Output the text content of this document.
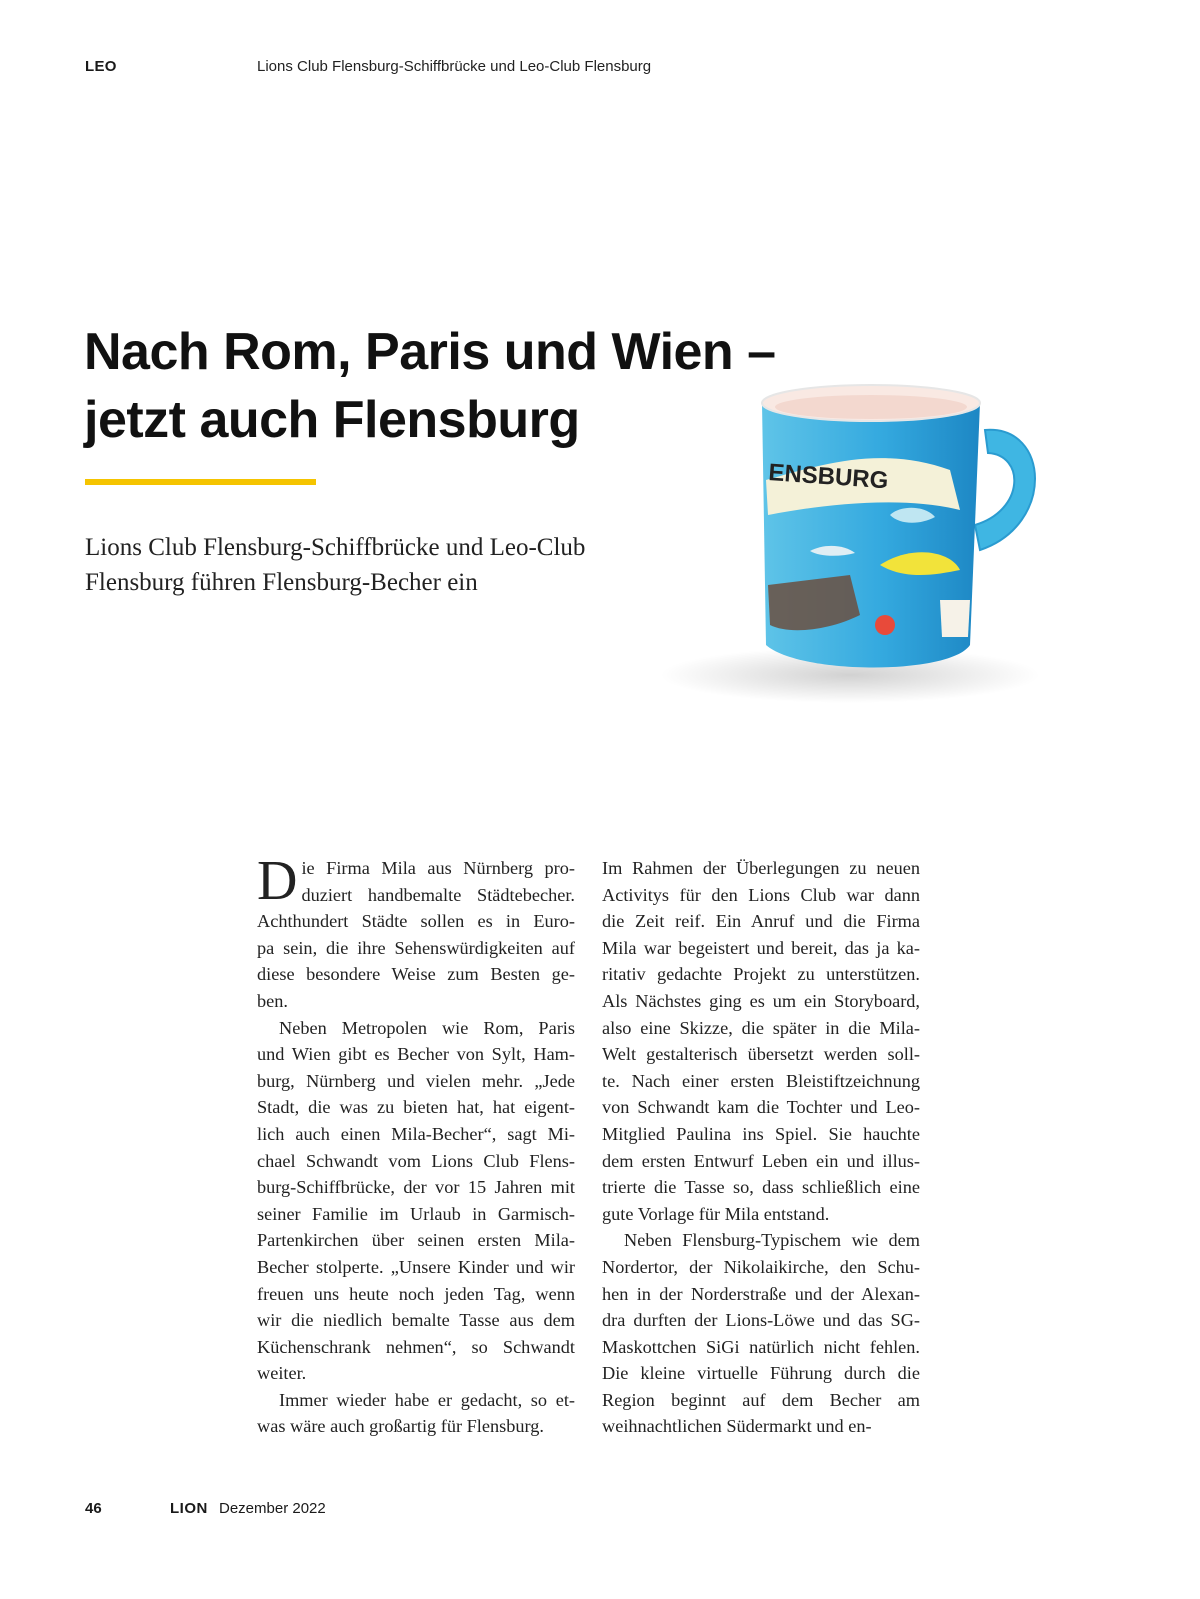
LEO	Lions Club Flensburg-Schiffbrücke und Leo-Club Flensburg
Nach Rom, Paris und Wien –
jetzt auch Flensburg
Lions Club Flensburg-Schiffbrücke und Leo-Club
Flensburg führen Flensburg-Becher ein
ENSBURG
D ie Firma Mila aus Nürnberg pro-
duziert handbemalte Städtebecher.
Achthundert Städte sollen es in Euro-
pa sein, die ihre Sehenswürdigkeiten auf
diese besondere Weise zum Besten ge-
ben.
Neben Metropolen wie Rom, Paris
und Wien gibt es Becher von Sylt, Ham-
burg, Nürnberg und vielen mehr. „Jede
Stadt, die was zu bieten hat, hat eigent-
lich auch einen Mila-Becher“, sagt Mi-
chael Schwandt vom Lions Club Flens-
burg-Schiffbrücke, der vor 15 Jahren mit
seiner Familie im Urlaub in Garmisch-
Partenkirchen über seinen ersten Mila-
Becher stolperte. „Unsere Kinder und wir
freuen uns heute noch jeden Tag, wenn
wir die niedlich bemalte Tasse aus dem
Küchenschrank nehmen“, so Schwandt
weiter.
Immer wieder habe er gedacht, so et-
was wäre auch großartig für Flensburg.
Im Rahmen der Überlegungen zu neuen
Activitys für den Lions Club war dann
die Zeit reif. Ein Anruf und die Firma
Mila war begeistert und bereit, das ja ka-
ritativ gedachte Projekt zu unterstützen.
Als Nächstes ging es um ein Storyboard,
also eine Skizze, die später in die Mila-
Welt gestalterisch übersetzt werden soll-
te. Nach einer ersten Bleistiftzeichnung
von Schwandt kam die Tochter und Leo-
Mitglied Paulina ins Spiel. Sie hauchte
dem ersten Entwurf Leben ein und illus-
trierte die Tasse so, dass schließlich eine
gute Vorlage für Mila entstand.
Neben Flensburg-Typischem wie dem
Nordertor, der Nikolaikirche, den Schu-
hen in der Norderstraße und der Alexan-
dra durften der Lions-Löwe und das SG-
Maskottchen SiGi natürlich nicht fehlen.
Die kleine virtuelle Führung durch die
Region beginnt auf dem Becher am
weihnachtlichen Südermarkt und en-
46	LION Dezember 2022
